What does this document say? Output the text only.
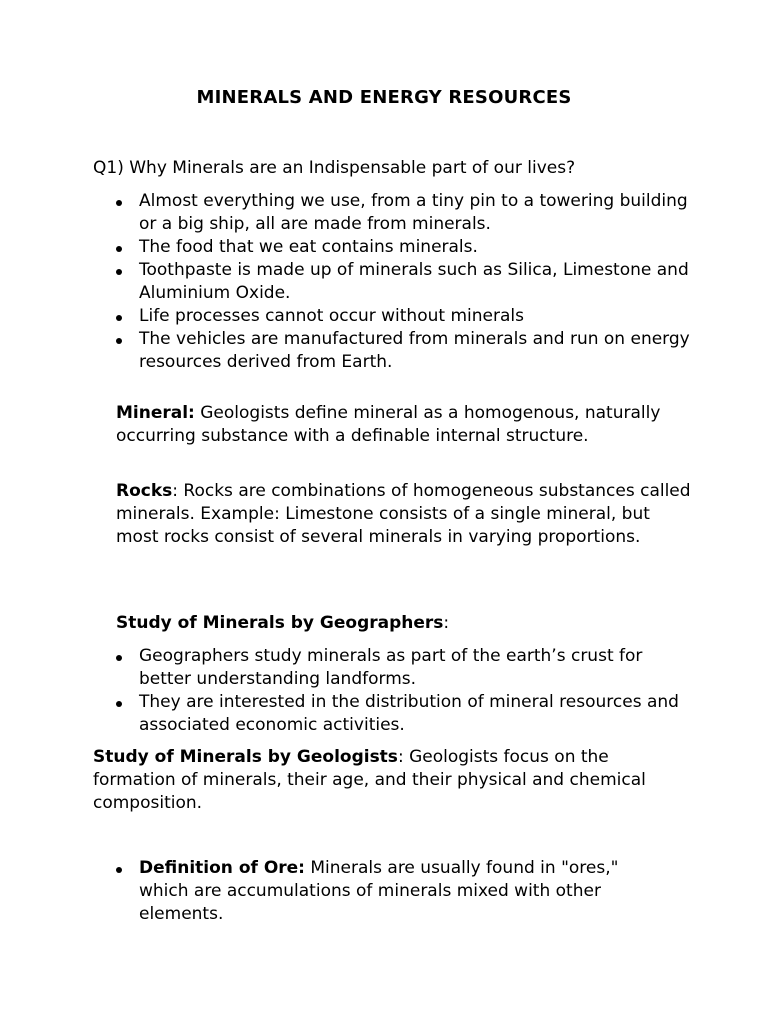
MINERALS AND ENERGY RESOURCES
Q1) Why Minerals are an Indispensable part of our lives?
Almost everything we use, from a tiny pin to a towering building or a big ship, all are made from minerals.
The food that we eat contains minerals.
Toothpaste is made up of minerals such as Silica, Limestone and Aluminium Oxide.
Life processes cannot occur without minerals
The vehicles are manufactured from minerals and run on energy resources derived from Earth.
Mineral: Geologists define mineral as a homogenous, naturally occurring substance with a definable internal structure.
Rocks: Rocks are combinations of homogeneous substances called minerals. Example: Limestone consists of a single mineral, but most rocks consist of several minerals in varying proportions.
Study of Minerals by Geographers:
Geographers study minerals as part of the earth’s crust for better understanding landforms.
They are interested in the distribution of mineral resources and associated economic activities.
Study of Minerals by Geologists: Geologists focus on the formation of minerals, their age, and their physical and chemical composition.
Definition of Ore: Minerals are usually found in "ores," which are accumulations of minerals mixed with other elements.
